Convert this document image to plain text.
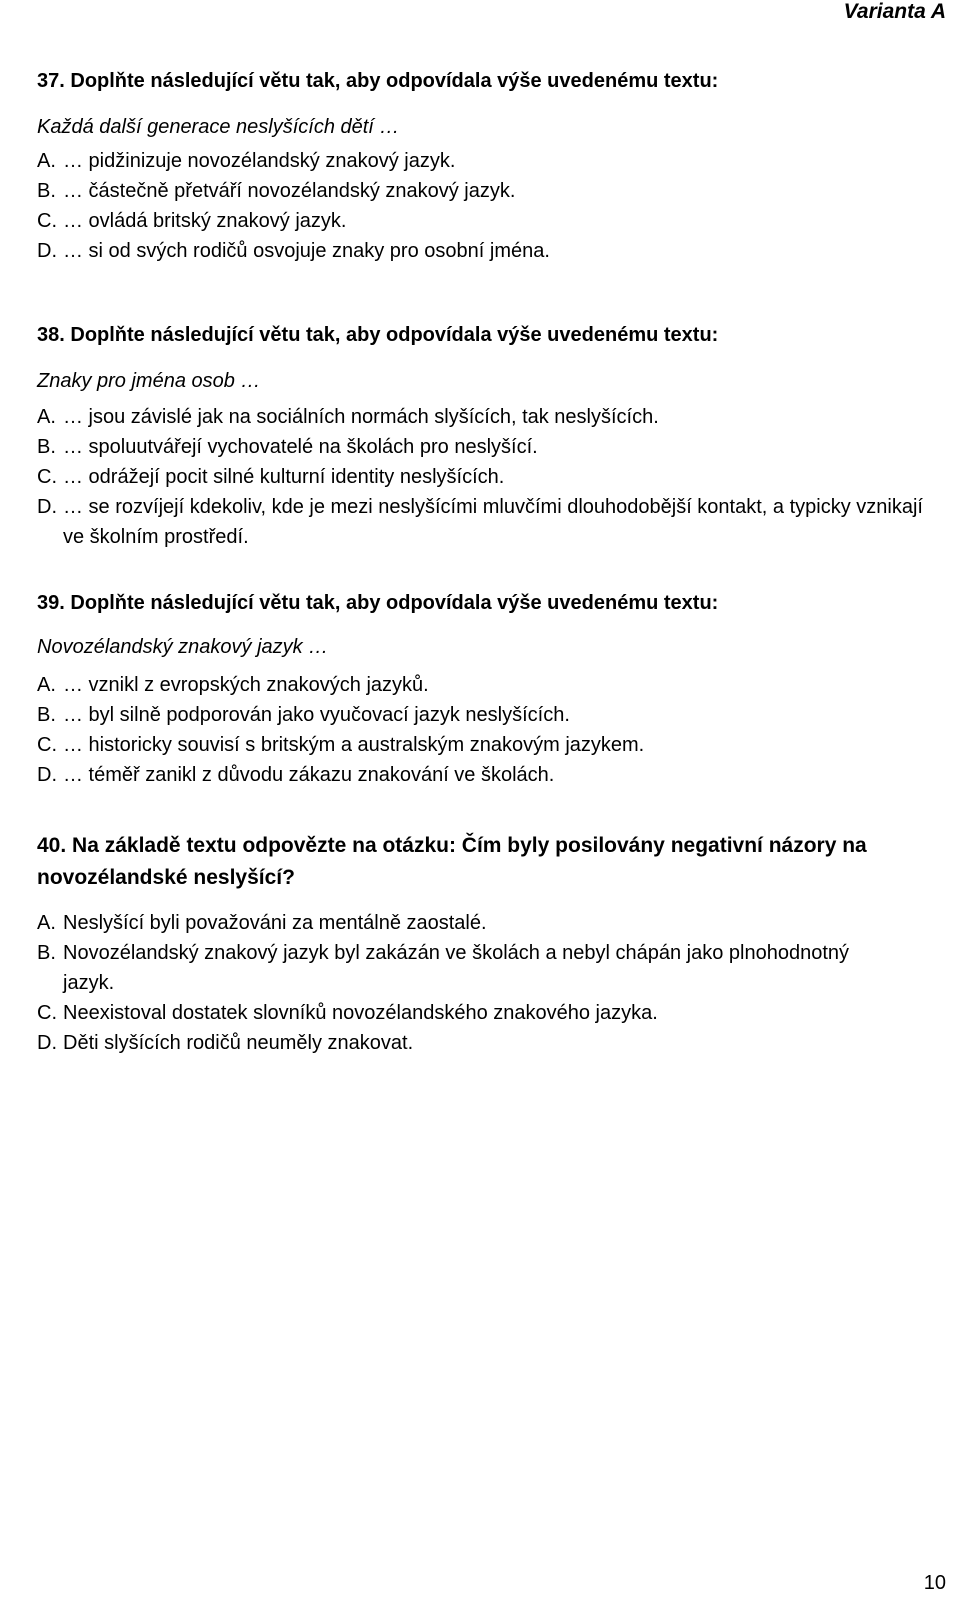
Varianta A

37. Doplňte následující větu tak, aby odpovídala výše uvedenému textu:

Každá další generace neslyšících dětí …

A. … pidžinizuje novozélandský znakový jazyk.
B. … částečně přetváří novozélandský znakový jazyk.
C. … ovládá britský znakový jazyk.
D. … si od svých rodičů osvojuje znaky pro osobní jména.

38. Doplňte následující větu tak, aby odpovídala výše uvedenému textu:

Znaky pro jména osob …

A. … jsou závislé jak na sociálních normách slyšících, tak neslyšících.
B. … spoluutvářejí vychovatelé na školách pro neslyšící.
C. … odrážejí pocit silné kulturní identity neslyšících.
D. … se rozvíjejí kdekoliv, kde je mezi neslyšícími mluvčími dlouhodobější kontakt, a typicky vznikají ve školním prostředí.

39. Doplňte následující větu tak, aby odpovídala výše uvedenému textu:

Novozélandský znakový jazyk …

A. … vznikl z evropských znakových jazyků.
B. … byl silně podporován jako vyučovací jazyk neslyšících.
C. … historicky souvisí s britským a australským znakovým jazykem.
D. … téměř zanikl z důvodu zákazu znakování ve školách.

40. Na základě textu odpovězte na otázku: Čím byly posilovány negativní názory na novozélandské neslyšící?

A. Neslyšící byli považováni za mentálně zaostalé.
B. Novozélandský znakový jazyk byl zakázán ve školách a nebyl chápán jako plnohodnotný jazyk.
C. Neexistoval dostatek slovníků novozélandského znakového jazyka.
D. Děti slyšících rodičů neuměly znakovat.
10
